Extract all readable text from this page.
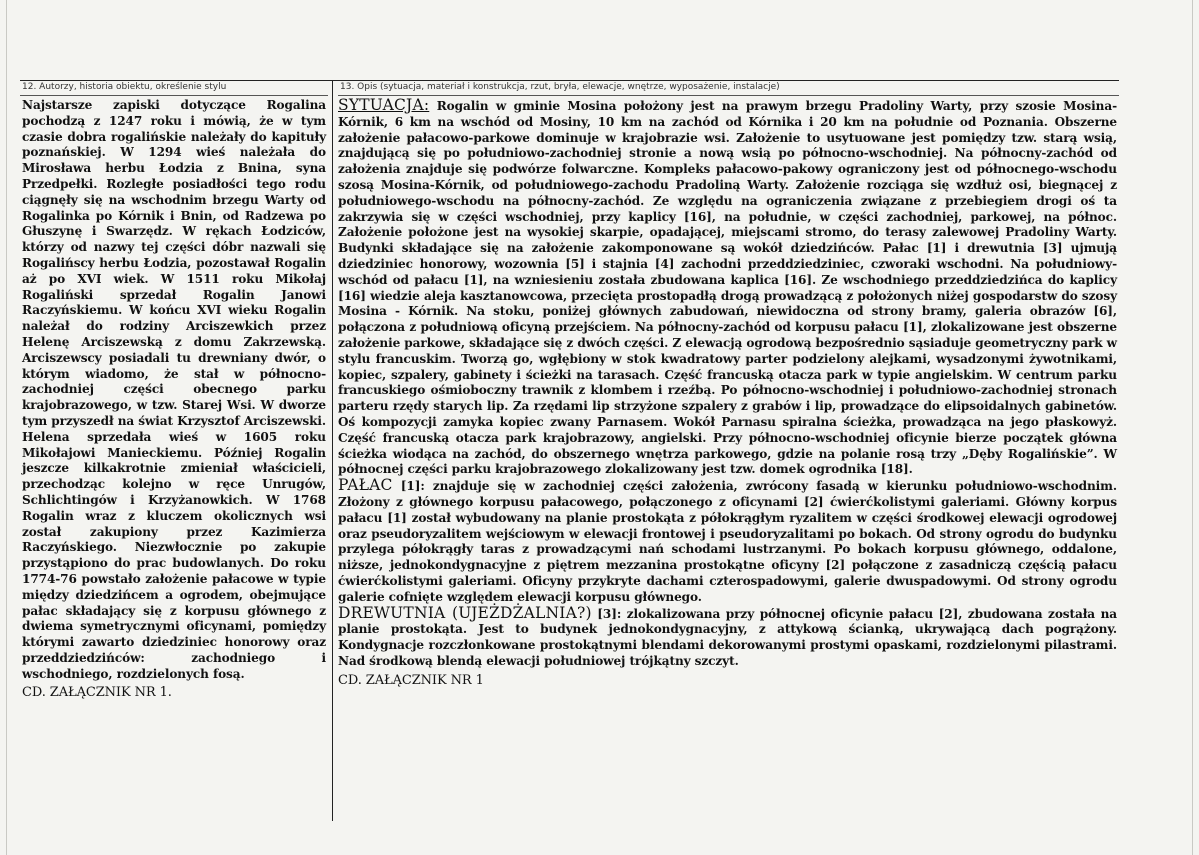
12. Autorzy, historia obiektu, określenie stylu
Najstarsze zapiski dotyczące Rogalina pochodzą z 1247 roku i mówią, że w tym czasie dobra rogalińskie należały do kapituły poznańskiej. W 1294 wieś należała do Mirosława herbu Łodzia z Bnina, syna Przedpełki. Rozległe posiadłości tego rodu ciągnęły się na wschodnim brzegu Warty od Rogalinka po Kórnik i Bnin, od Radzewa po Głuszynę i Swarzędz. W rękach Łodziców, którzy od nazwy tej części dóbr nazwali się Rogalińscy herbu Łodzia, pozostawał Rogalin aż po XVI wiek. W 1511 roku Mikołaj Rogaliński sprzedał Rogalin Janowi Raczyńskiemu. W końcu XVI wieku Rogalin należał do rodziny Arciszewkich przez Helenę Arciszewską z domu Zakrzewską. Arciszewscy posiadali tu drewniany dwór, o którym wiadomo, że stał w północno-zachodniej części obecnego parku krajobrazowego, w tzw. Starej Wsi. W dworze tym przyszedł na świat Krzysztof Arciszewski. Helena sprzedała wieś w 1605 roku Mikołajowi Manieckiemu. Później Rogalin jeszcze kilkakrotnie zmieniał właścicieli, przechodząc kolejno w ręce Unrugów, Schlichtingów i Krzyżanowkich. W 1768 Rogalin wraz z kluczem okolicznych wsi został zakupiony przez Kazimierza Raczyńskiego. Niezwłocznie po zakupie przystąpiono do prac budowlanych. Do roku 1774-76 powstało założenie pałacowe w typie między dziedzińcem a ogrodem, obejmujące pałac składający się z korpusu głównego z dwiema symetrycznymi oficynami, pomiędzy którymi zawarto dziedziniec honorowy oraz przeddziedzińców: zachodniego i wschodniego, rozdzielonych fosą.
CD. ZAŁĄCZNIK NR 1.
13. Opis (sytuacja, materiał i konstrukcja, rzut, bryła, elewacje, wnętrze, wyposażenie, instalacje)

SYTUACJA: Rogalin w gminie Mosina położony jest na prawym brzegu Pradoliny Warty, przy szosie Mosina-Kórnik, 6 km na wschód od Mosiny, 10 km na zachód od Kórnika i 20 km na południe od Poznania. Obszerne założenie pałacowo-parkowe dominuje w krajobrazie wsi. Założenie to usytuowane jest pomiędzy tzw. starą wsią, znajdującą się po południowo-zachodniej stronie a nową wsią po północno-wschodniej. Na północny-zachód od założenia znajduje się podwórze folwarczne. Kompleks pałacowo-pakowy ograniczony jest od północnego-wschodu szosą Mosina-Kórnik, od południowego-zachodu Pradoliną Warty. Założenie rozciąga się wzdłuż osi, biegnącej z południowego-wschodu na północny-zachód. Ze względu na ograniczenia związane z przebiegiem drogi oś ta zakrzywia się w części wschodniej, przy kaplicy [16], na południe, w części zachodniej, parkowej, na północ. Założenie położone jest na wysokiej skarpie, opadającej, miejscami stromo, do terasy zalewowej Pradoliny Warty. Budynki składające się na założenie zakomponowane są wokół dziedzińców. Pałac [1] i drewutnia [3] ujmują dziedziniec honorowy, wozownia [5] i stajnia [4] zachodni przeddziedziniec, czworaki wschodni. Na południowy-wschód od pałacu [1], na wzniesieniu została zbudowana kaplica [16]. Ze wschodniego przeddziedzińca do kaplicy [16] wiedzie aleja kasztanowcowa, przecięta prostopadłą drogą prowadzącą z położonych niżej gospodarstw do szosy Mosina - Kórnik. Na stoku, poniżej głównych zabudowań, niewidoczna od strony bramy, galeria obrazów [6], połączona z południową oficyną przejściem. Na północny-zachód od korpusu pałacu [1], zlokalizowane jest obszerne założenie parkowe, składające się z dwóch części. Z elewacją ogrodową bezpośrednio sąsiaduje geometryczny park w stylu francuskim. Tworzą go, wgłębiony w stok kwadratowy parter podzielony alejkami, wysadzonymi żywotnikami, kopiec, szpalery, gabinety i ścieżki na tarasach. Część francuską otacza park w typie angielskim. W centrum parku francuskiego ośmioboczny trawnik z klombem i rzeźbą. Po północno-wschodniej i południowo-zachodniej stronach parteru rzędy starych lip. Za rzędami lip strzyżone szpalery z grabów i lip, prowadzące do elipsoidalnych gabinetów. Oś kompozycji zamyka kopiec zwany Parnasem. Wokół Parnasu spiralna ścieżka, prowadząca na jego płaskowyż. Część francuską otacza park krajobrazowy, angielski. Przy północno-wschodniej oficynie bierze początek główna ścieżka wiodąca na zachód, do obszernego wnętrza parkowego, gdzie na polanie rosą trzy „Dęby Rogalińskie”. W północnej części parku krajobrazowego zlokalizowany jest tzw. domek ogrodnika [18].

PAŁAC [1]: znajduje się w zachodniej części założenia, zwrócony fasadą w kierunku południowo-wschodnim. Złożony z głównego korpusu pałacowego, połączonego z oficynami [2] ćwierćkolistymi galeriami. Główny korpus pałacu [1] został wybudowany na planie prostokąta z półokrągłym ryzalitem w części środkowej elewacji ogrodowej oraz pseudoryzalitem wejściowym w elewacji frontowej i pseudoryzalitami po bokach. Od strony ogrodu do budynku przylega półokrągły taras z prowadzącymi nań schodami lustrzanymi. Po bokach korpusu głównego, oddalone, niższe, jednokondygnacyjne z piętrem mezzanina prostokątne oficyny [2] połączone z zasadniczą częścią pałacu ćwierćkolistymi galeriami. Oficyny przykryte dachami czterospadowymi, galerie dwuspadowymi. Od strony ogrodu galerie cofnięte względem elewacji korpusu głównego.

DREWUTNIA (UJEŻDŻALNIA?) [3]: zlokalizowana przy północnej oficynie pałacu [2], zbudowana została na planie prostokąta. Jest to budynek jednokondygnacyjny, z attykową ścianką, ukrywającą dach pogrążony. Kondygnacje rozczłonkowane prostokątnymi blendami dekorowanymi prostymi opaskami, rozdzielonymi pilastrami. Nad środkową blendą elewacji południowej trójkątny szczyt.

CD. ZAŁĄCZNIK NR 1
